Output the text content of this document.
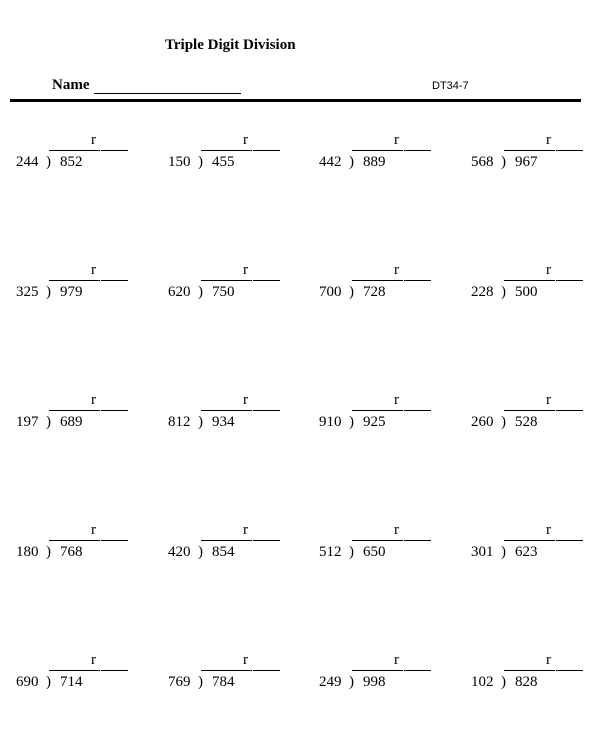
Triple Digit Division
Name	DT34-7
244 ) 852
r
150 ) 455
r
442 ) 889
r
568 ) 967
r
325 ) 979
r
620 ) 750
r
700 ) 728
r
228 ) 500
r
197 ) 689
r
812 ) 934
r
910 ) 925
r
260 ) 528
r
180 ) 768
r
420 ) 854
r
512 ) 650
r
301 ) 623
r
690 ) 714
r
769 ) 784
r
249 ) 998
r
102 ) 828
r
